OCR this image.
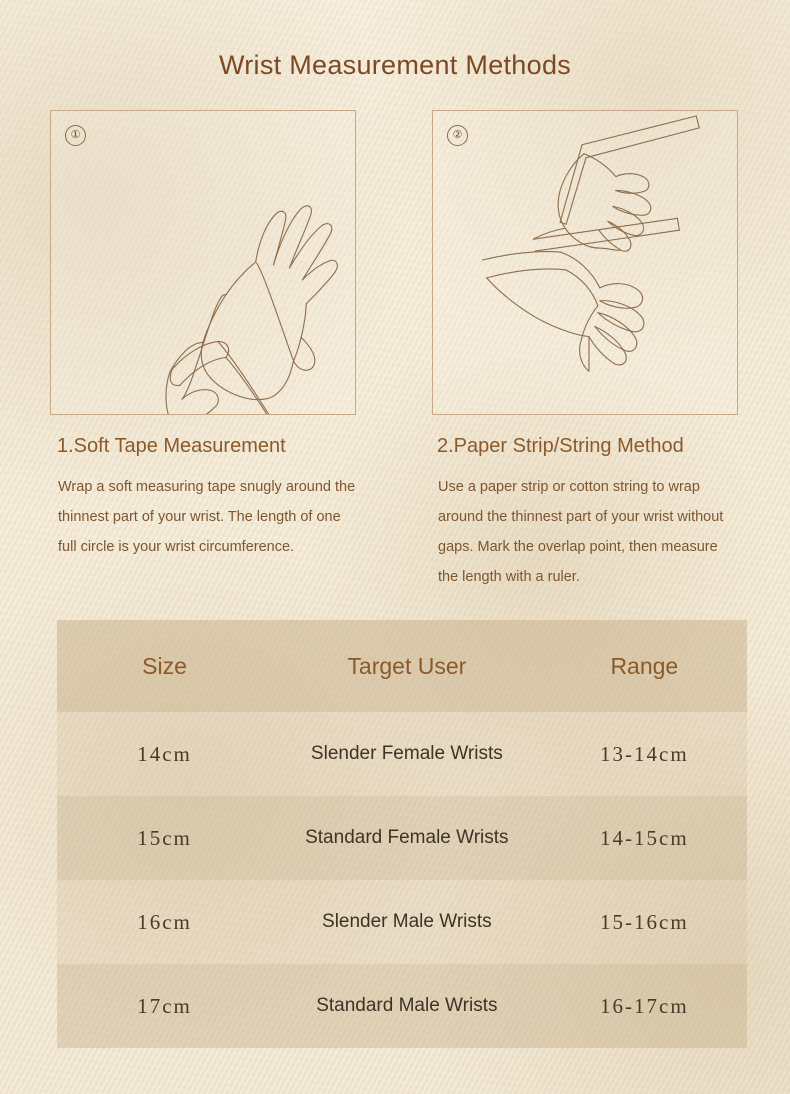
Wrist Measurement Methods
①	②
1.Soft Tape Measurement
Wrap a soft measuring tape snugly around the thinnest part of your wrist. The length of one full circle is your wrist circumference.
2.Paper Strip/String Method
Use a paper strip or cotton string to wrap around the thinnest part of your wrist without gaps. Mark the overlap point, then measure the length with a ruler.
Size	Target User	Range
14cm	Slender Female Wrists	13-14cm
15cm	Standard Female Wrists	14-15cm
16cm	Slender Male Wrists	15-16cm
17cm	Standard Male Wrists	16-17cm
